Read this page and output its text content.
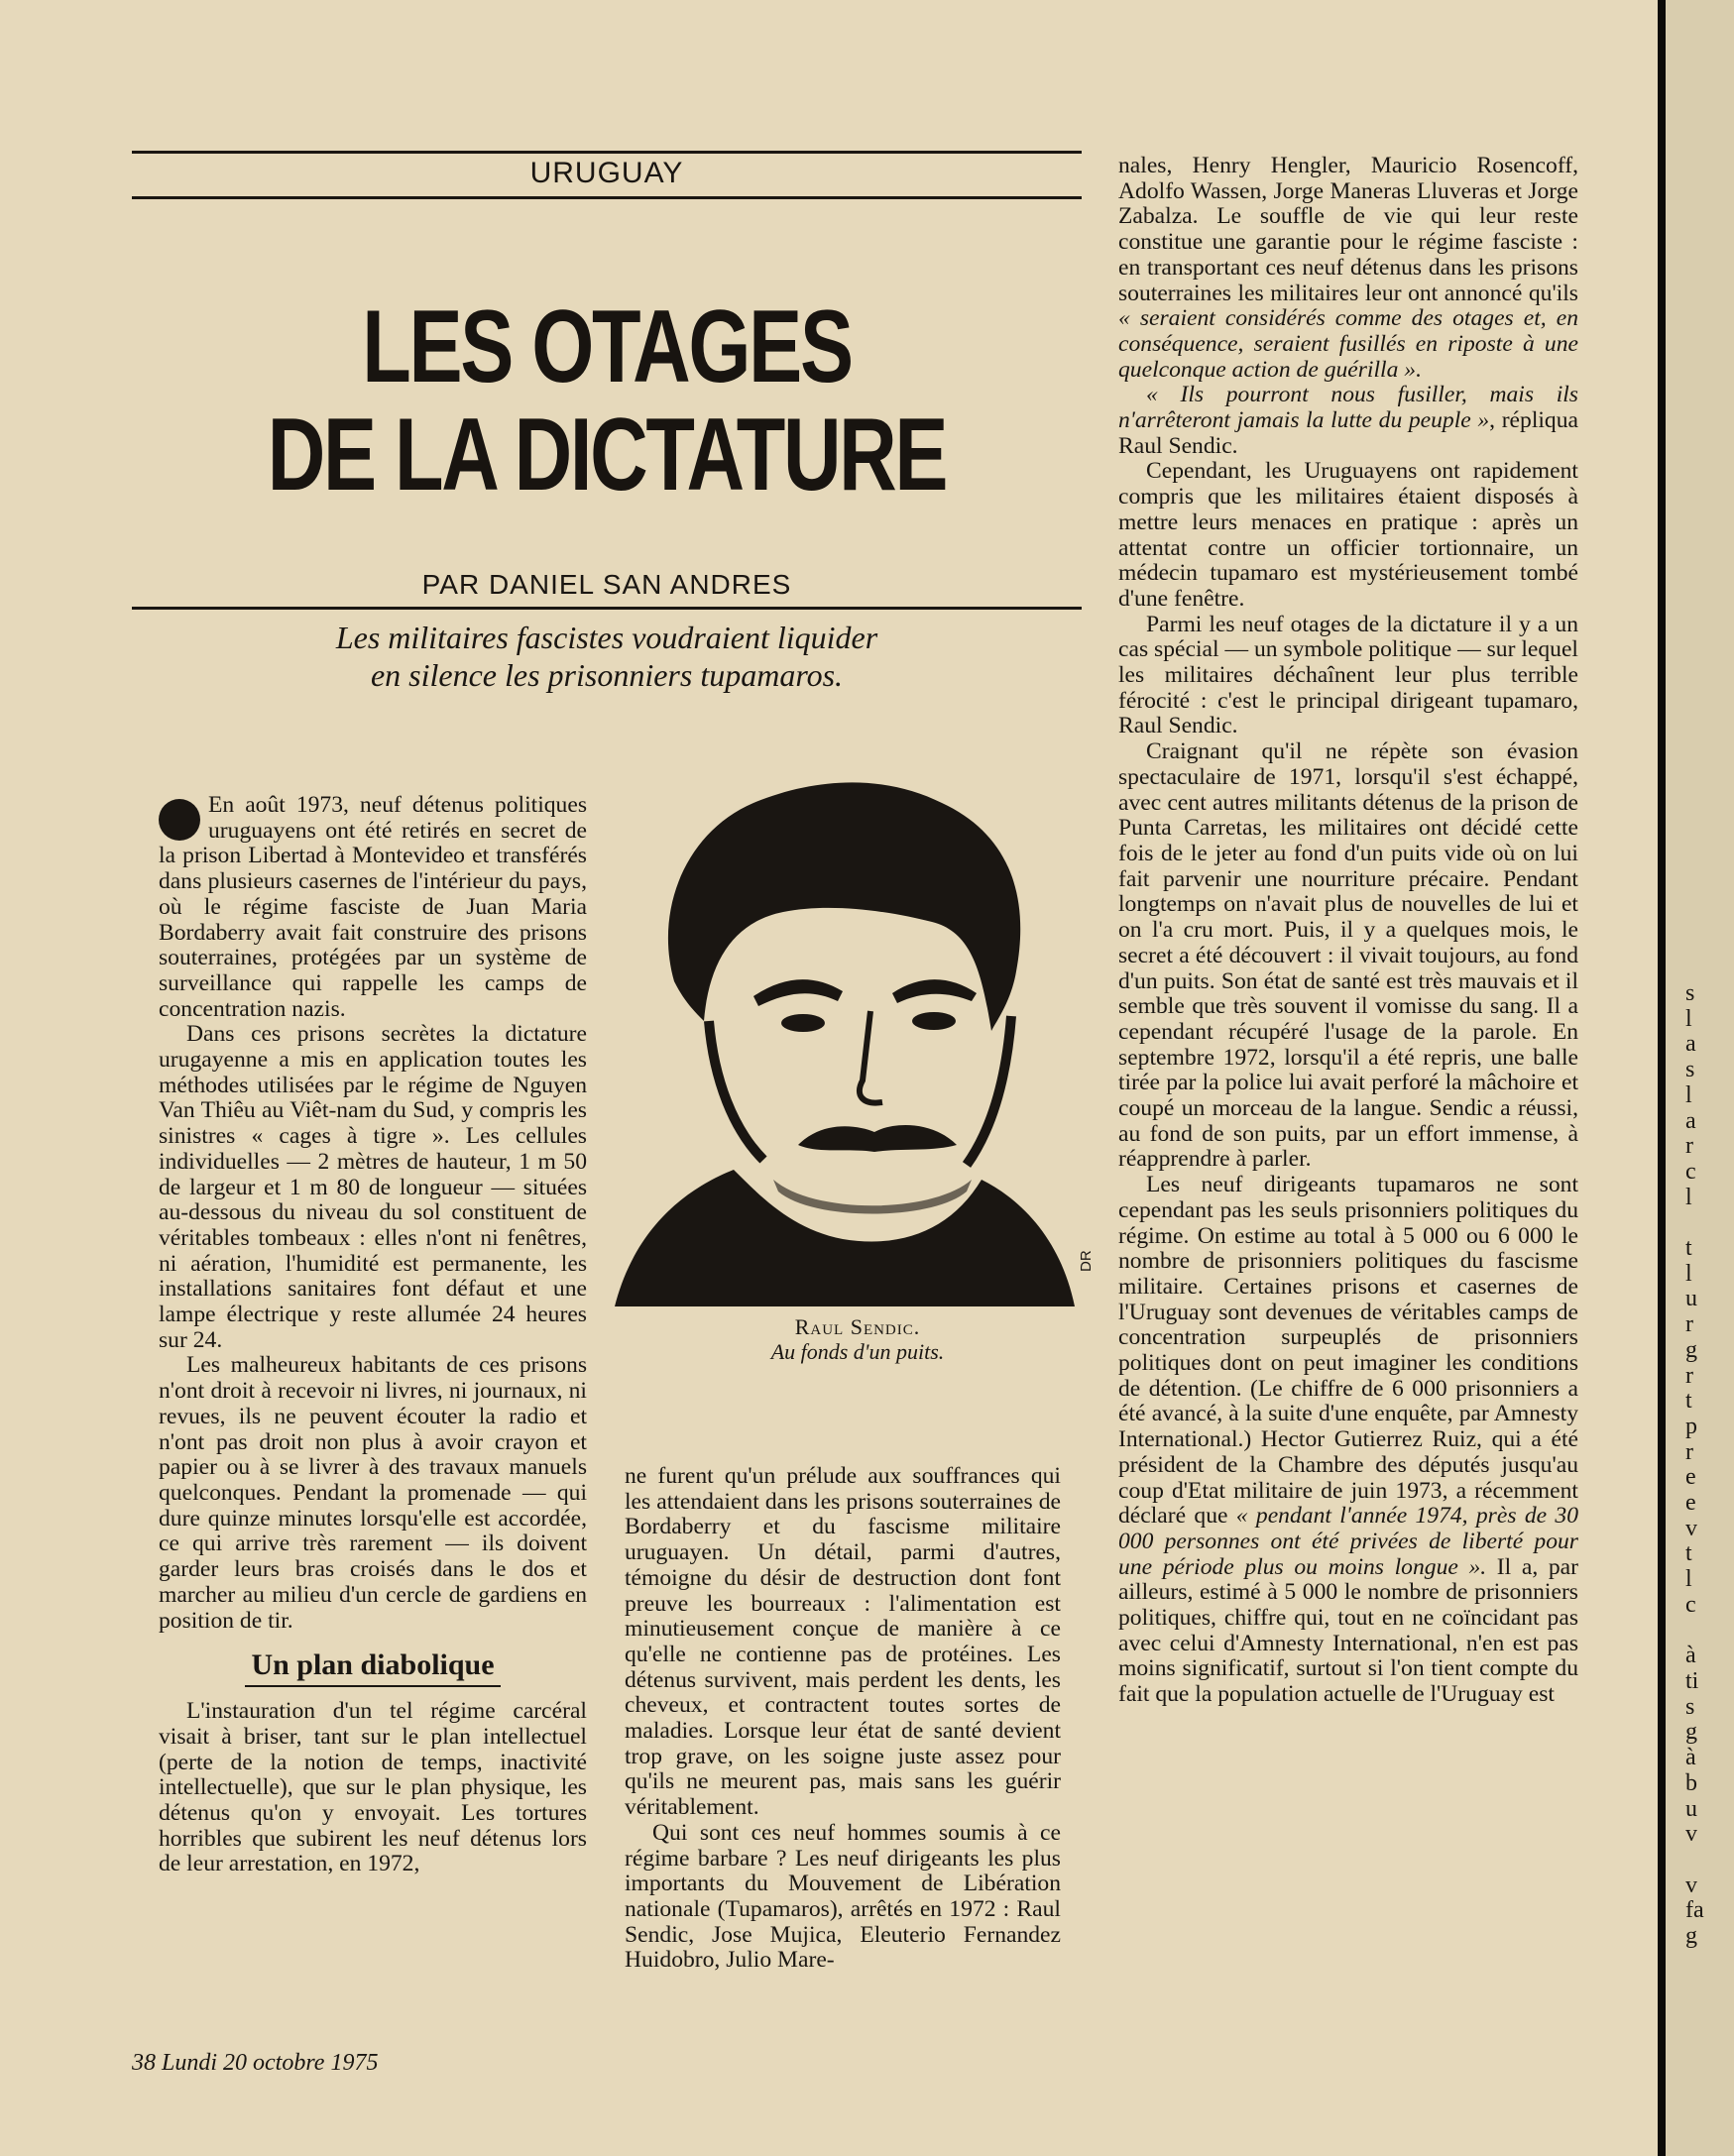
URUGUAY
LES OTAGES
DE LA DICTATURE
PAR DANIEL SAN ANDRES
Les militaires fascistes voudraient liquider
en silence les prisonniers tupamaros.

En août 1973, neuf détenus politiques uruguayens ont été retirés en secret de la prison Libertad à Montevideo et transférés dans plusieurs casernes de l'intérieur du pays, où le régime fasciste de Juan Maria Bordaberry avait fait construire des prisons souterraines, protégées par un système de surveillance qui rappelle les camps de concentration nazis.

Dans ces prisons secrètes la dictature urugayenne a mis en application toutes les méthodes utilisées par le régime de Nguyen Van Thiêu au Viêt-nam du Sud, y compris les sinistres « cages à tigre ». Les cellules individuelles — 2 mètres de hauteur, 1 m 50 de largeur et 1 m 80 de longueur — situées au-dessous du niveau du sol constituent de véritables tombeaux : elles n'ont ni fenêtres, ni aération, l'humidité est permanente, les installations sanitaires font défaut et une lampe électrique y reste allumée 24 heures sur 24.

Les malheureux habitants de ces prisons n'ont droit à recevoir ni livres, ni journaux, ni revues, ils ne peuvent écouter la radio et n'ont pas droit non plus à avoir crayon et papier ou à se livrer à des travaux manuels quelconques. Pendant la promenade — qui dure quinze minutes lorsqu'elle est accordée, ce qui arrive très rarement — ils doivent garder leurs bras croisés dans le dos et marcher au milieu d'un cercle de gardiens en position de tir.

Un plan diabolique

L'instauration d'un tel régime carcéral visait à briser, tant sur le plan intellectuel (perte de la notion de temps, inactivité intellectuelle), que sur le plan physique, les détenus qu'on y envoyait. Les tortures horribles que subirent les neuf détenus lors de leur arrestation, en 1972,

DR
Raul Sendic.
Au fonds d'un puits.

ne furent qu'un prélude aux souffrances qui les attendaient dans les prisons souterraines de Bordaberry et du fascisme militaire uruguayen. Un détail, parmi d'autres, témoigne du désir de destruction dont font preuve les bourreaux : l'alimentation est minutieusement conçue de manière à ce qu'elle ne contienne pas de protéines. Les détenus survivent, mais perdent les dents, les cheveux, et contractent toutes sortes de maladies. Lorsque leur état de santé devient trop grave, on les soigne juste assez pour qu'ils ne meurent pas, mais sans les guérir véritablement.

Qui sont ces neuf hommes soumis à ce régime barbare ? Les neuf dirigeants les plus importants du Mouvement de Libération nationale (Tupamaros), arrêtés en 1972 : Raul Sendic, Jose Mujica, Eleuterio Fernandez Huidobro, Julio Mare-

nales, Henry Hengler, Mauricio Rosencoff, Adolfo Wassen, Jorge Maneras Lluveras et Jorge Zabalza. Le souffle de vie qui leur reste constitue une garantie pour le régime fasciste : en transportant ces neuf détenus dans les prisons souterraines les militaires leur ont annoncé qu'ils « seraient considérés comme des otages et, en conséquence, seraient fusillés en riposte à une quelconque action de guérilla ».

« Ils pourront nous fusiller, mais ils n'arrêteront jamais la lutte du peuple », répliqua Raul Sendic.

Cependant, les Uruguayens ont rapidement compris que les militaires étaient disposés à mettre leurs menaces en pratique : après un attentat contre un officier tortionnaire, un médecin tupamaro est mystérieusement tombé d'une fenêtre.

Parmi les neuf otages de la dictature il y a un cas spécial — un symbole politique — sur lequel les militaires déchaînent leur plus terrible férocité : c'est le principal dirigeant tupamaro, Raul Sendic.

Craignant qu'il ne répète son évasion spectaculaire de 1971, lorsqu'il s'est échappé, avec cent autres militants détenus de la prison de Punta Carretas, les militaires ont décidé cette fois de le jeter au fond d'un puits vide où on lui fait parvenir une nourriture précaire. Pendant longtemps on n'avait plus de nouvelles de lui et on l'a cru mort. Puis, il y a quelques mois, le secret a été découvert : il vivait toujours, au fond d'un puits. Son état de santé est très mauvais et il semble que très souvent il vomisse du sang. Il a cependant récupéré l'usage de la parole. En septembre 1972, lorsqu'il a été repris, une balle tirée par la police lui avait perforé la mâchoire et coupé un morceau de la langue. Sendic a réussi, au fond de son puits, par un effort immense, à réapprendre à parler.

Les neuf dirigeants tupamaros ne sont cependant pas les seuls prisonniers politiques du régime. On estime au total à 5 000 ou 6 000 le nombre de prisonniers politiques du fascisme militaire. Certaines prisons et casernes de l'Uruguay sont devenues de véritables camps de concentration surpeuplés de prisonniers politiques dont on peut imaginer les conditions de détention. (Le chiffre de 6 000 prisonniers a été avancé, à la suite d'une enquête, par Amnesty International.) Hector Gutierrez Ruiz, qui a été président de la Chambre des députés jusqu'au coup d'Etat militaire de juin 1973, a récemment déclaré que « pendant l'année 1974, près de 30 000 personnes ont été privées de liberté pour une période plus ou moins longue ». Il a, par ailleurs, estimé à 5 000 le nombre de prisonniers politiques, chiffre qui, tout en ne coïncidant pas avec celui d'Amnesty International, n'en est pas moins significatif, surtout si l'on tient compte du fait que la population actuelle de l'Uruguay est

38 Lundi 20 octobre 1975
s
l
a
s
l
a
r
c
l

t
l
u
r
g
r
t
p
r
e
e
v
t
l
c

à
ti
s
g
à
b
u
v

v
fa
g
